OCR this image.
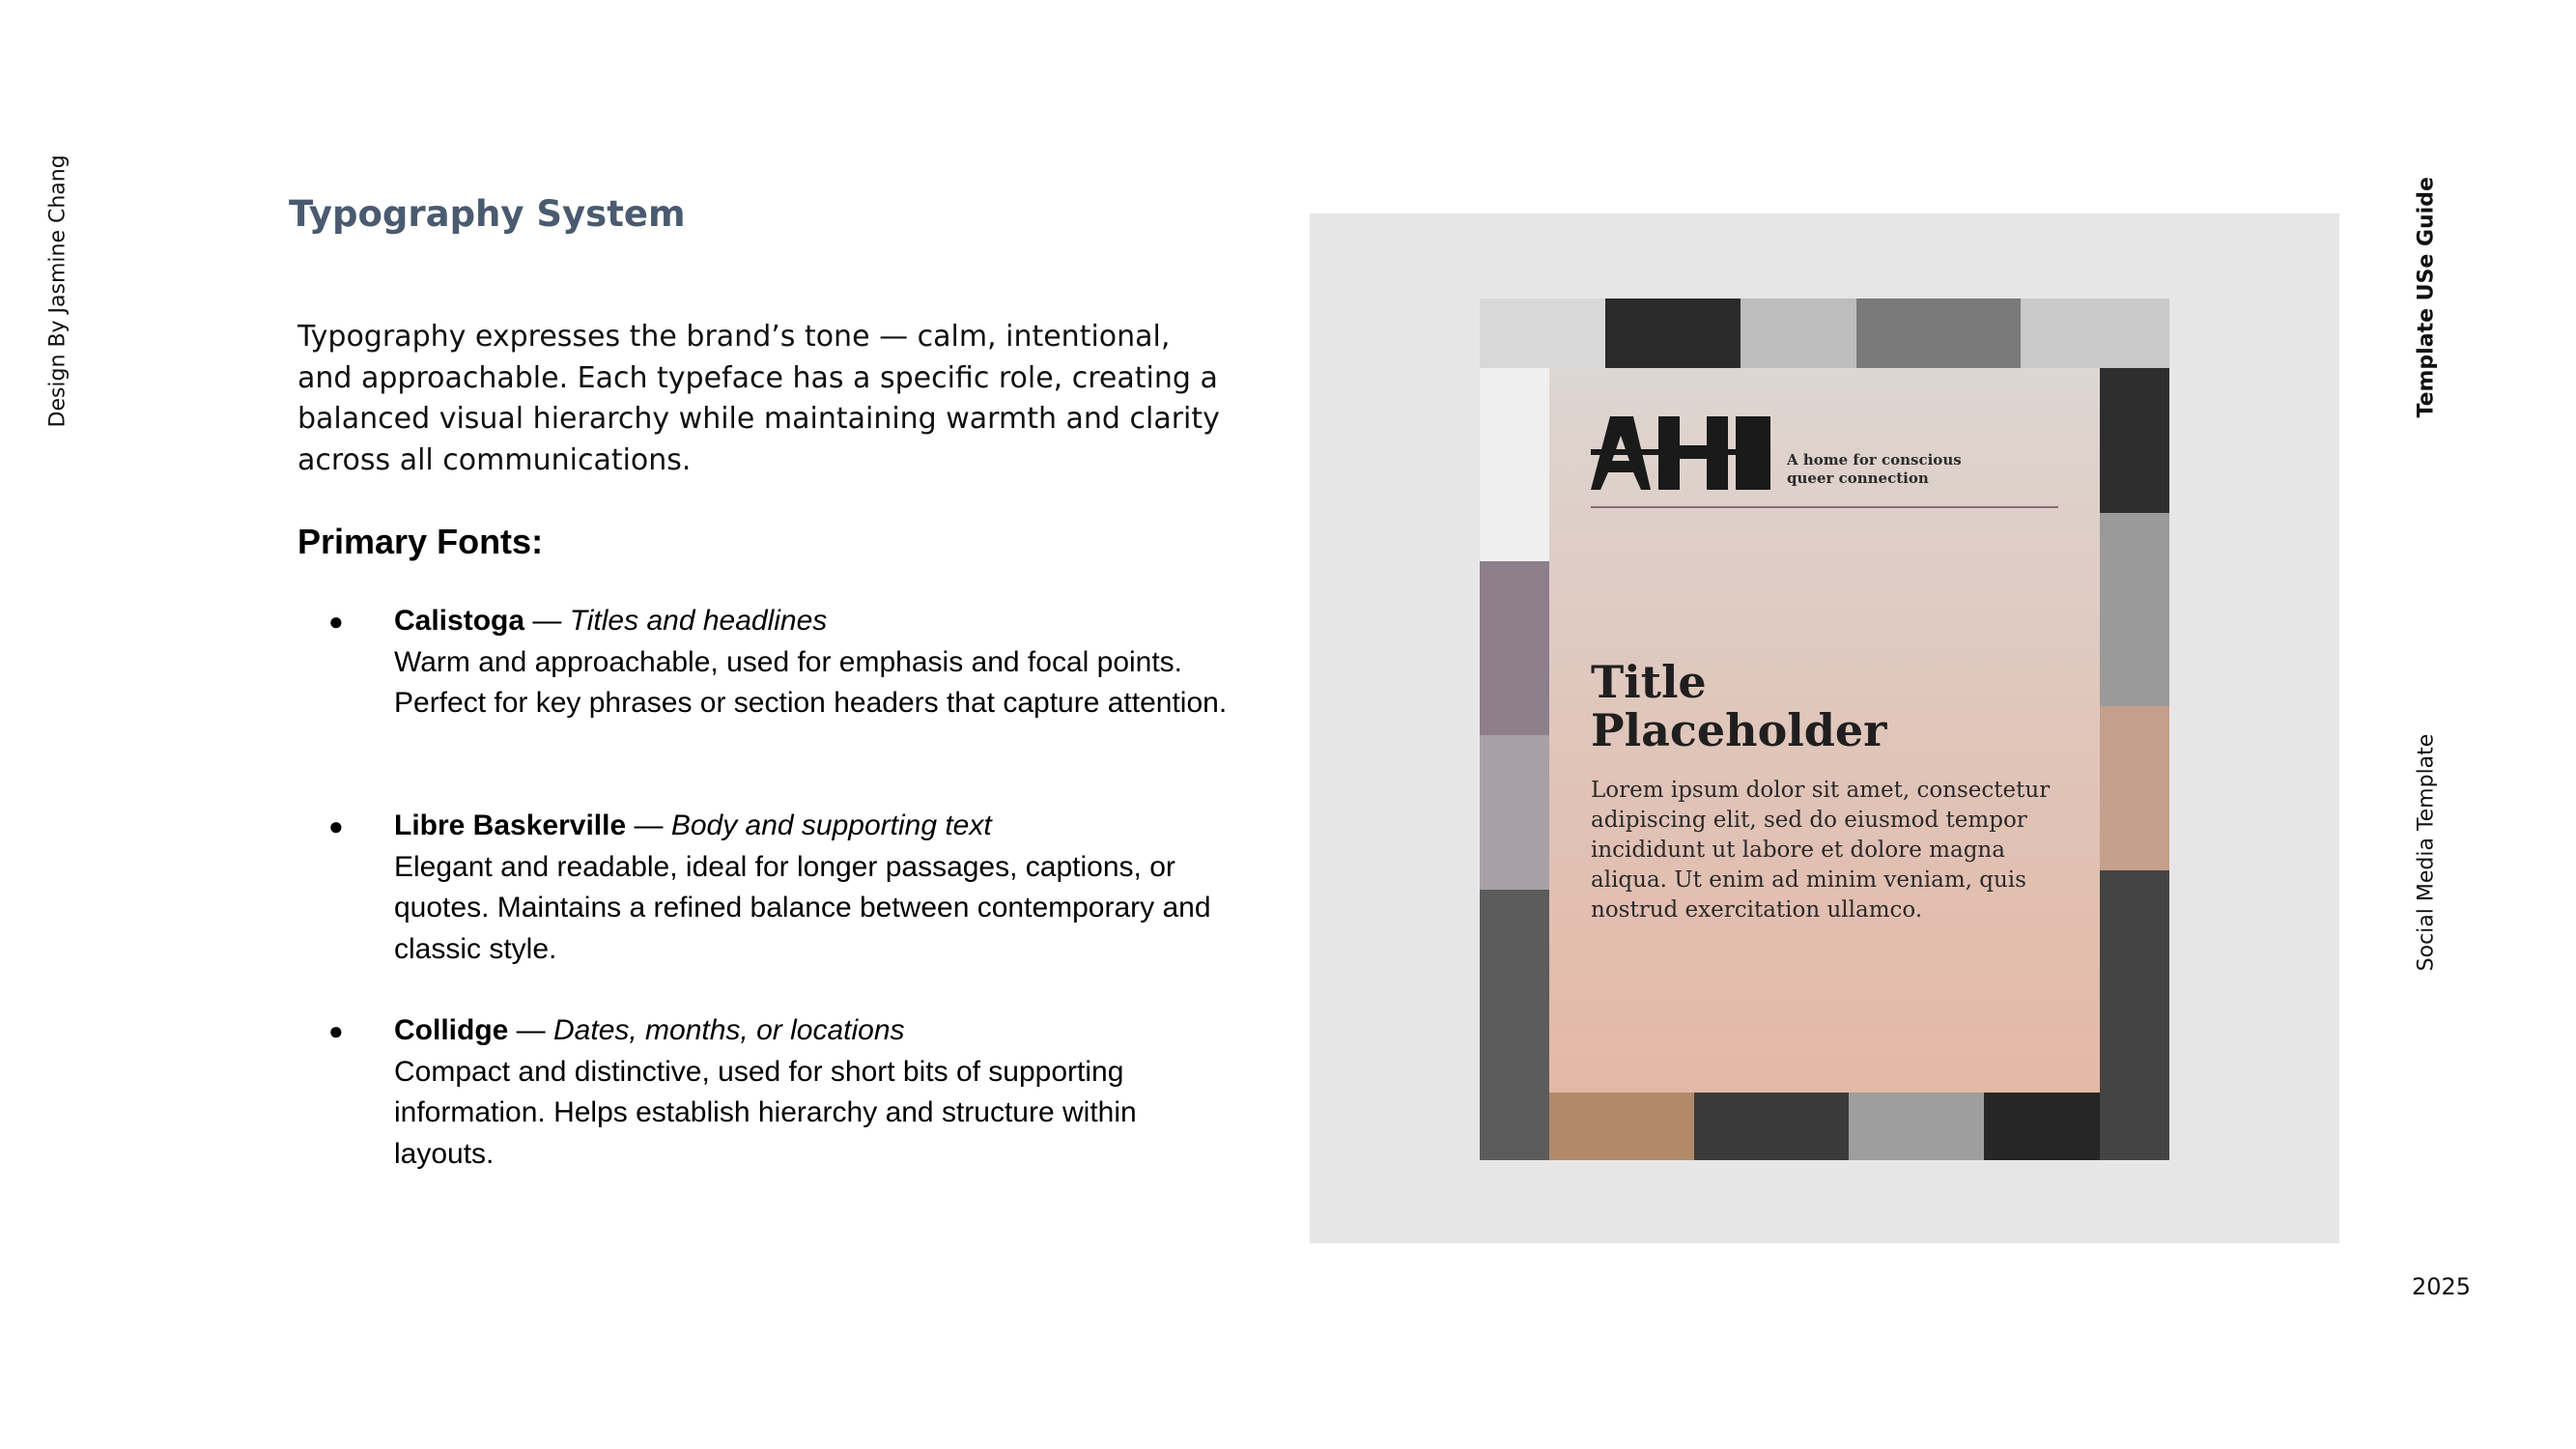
Design By Jasmine Chang	Template USe Guide
Social Media Template
2025
Typography System

Typography expresses the brand’s tone — calm, intentional, and approachable. Each typeface has a specific role, creating a balanced visual hierarchy while maintaining warmth and clarity across all communications.

Primary Fonts:
● Calistoga — Titles and headlines
Warm and approachable, used for emphasis and focal points. Perfect for key phrases or section headers that capture attention.
● Libre Baskerville — Body and supporting text
Elegant and readable, ideal for longer passages, captions, or quotes. Maintains a refined balance between contemporary and classic style.
● Collidge — Dates, months, or locations
Compact and distinctive, used for short bits of supporting information. Helps establish hierarchy and structure within layouts.
A home for conscious
queer connection
Title
Placeholder
Lorem ipsum dolor sit amet, consectetur adipiscing elit, sed do eiusmod tempor incididunt ut labore et dolore magna aliqua. Ut enim ad minim veniam, quis nostrud exercitation ullamco.
